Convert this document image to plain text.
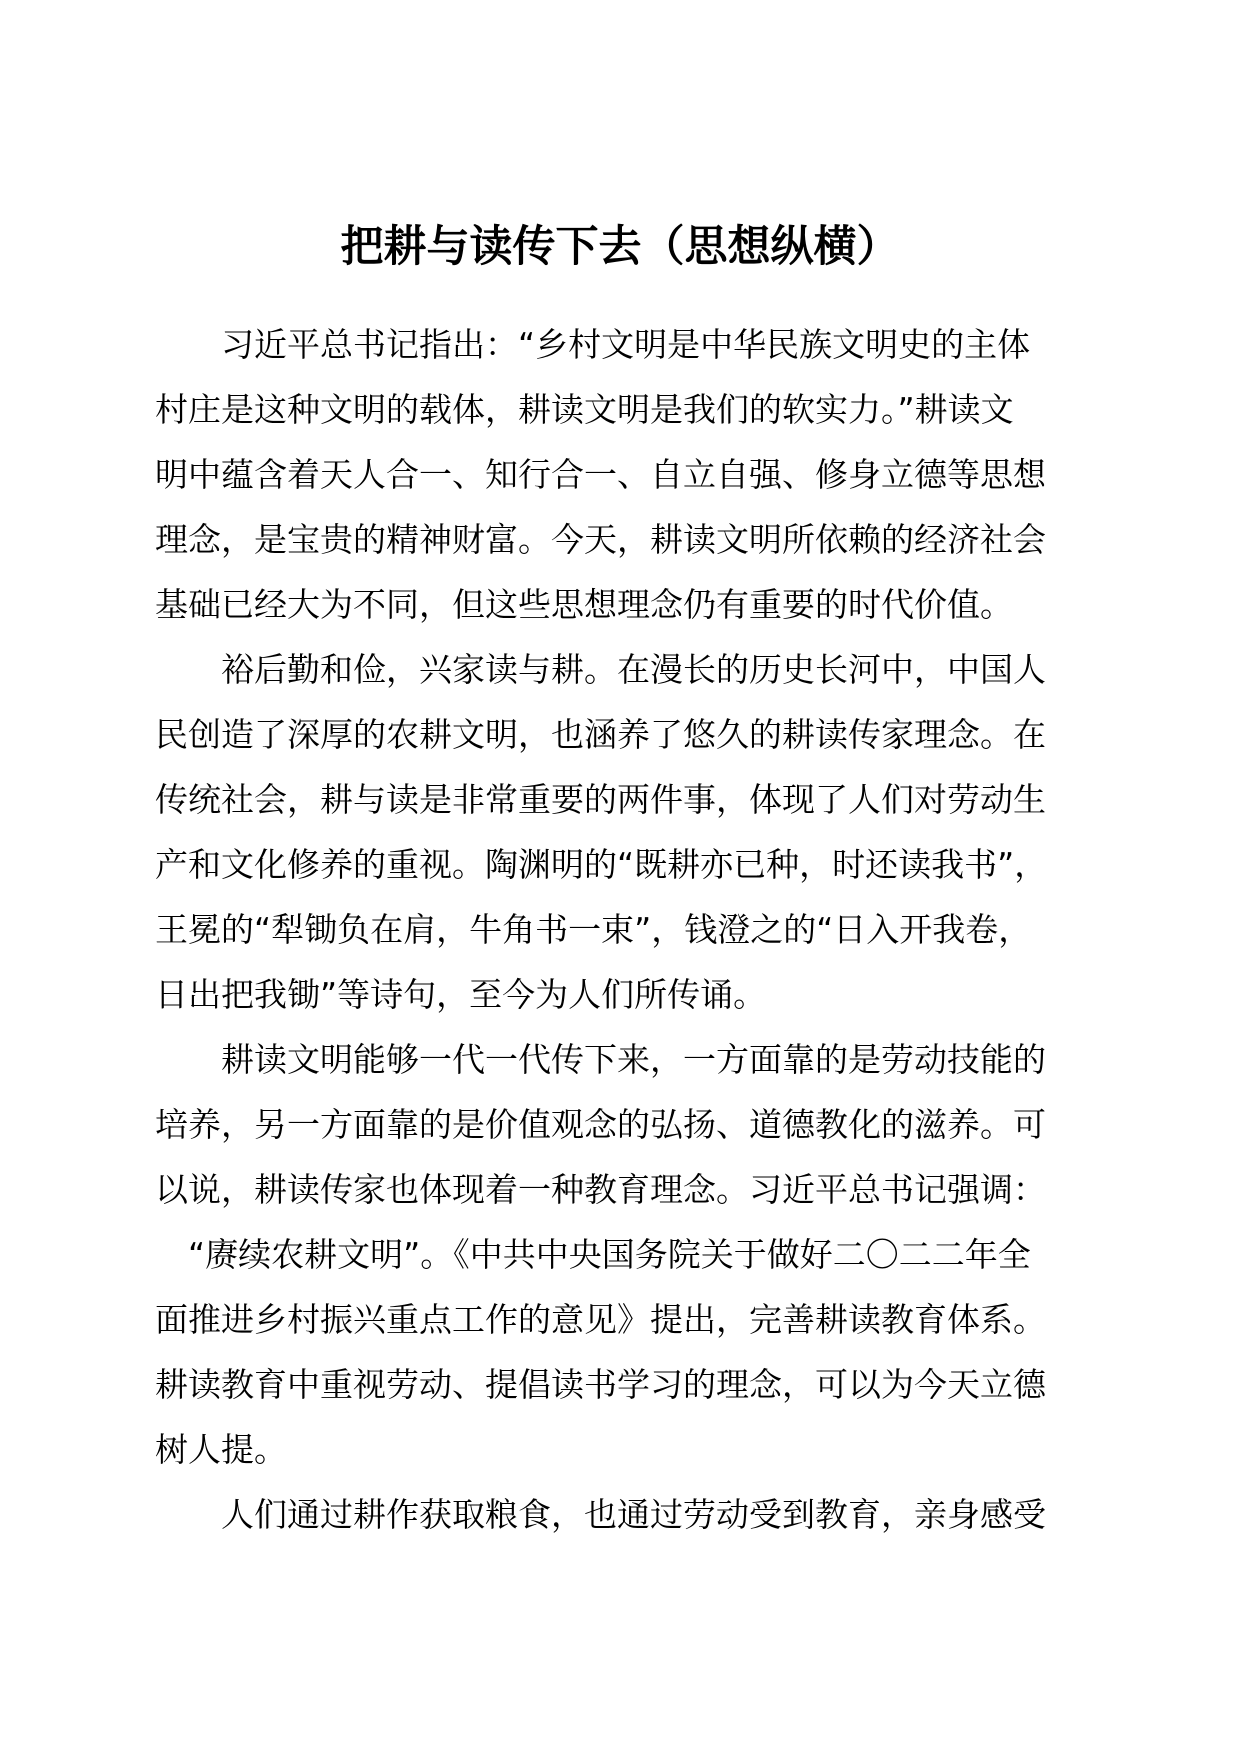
把耕与读传下去（思想纵横）

习近平总书记指出：“乡村文明是中华民族文明史的主体
村庄是这种文明的载体，耕读文明是我们的软实力。”耕读文
明中蕴含着天人合一、知行合一、自立自强、修身立德等思想
理念，是宝贵的精神财富。今天，耕读文明所依赖的经济社会
基础已经大为不同，但这些思想理念仍有重要的时代价值。

裕后勤和俭，兴家读与耕。在漫长的历史长河中，中国人
民创造了深厚的农耕文明，也涵养了悠久的耕读传家理念。在
传统社会，耕与读是非常重要的两件事，体现了人们对劳动生
产和文化修养的重视。陶渊明的“既耕亦已种，时还读我书”，
王冕的“犁锄负在肩，牛角书一束”，钱澄之的“日入开我卷，
日出把我锄”等诗句，至今为人们所传诵。

耕读文明能够一代一代传下来，一方面靠的是劳动技能的
培养，另一方面靠的是价值观念的弘扬、道德教化的滋养。可
以说，耕读传家也体现着一种教育理念。习近平总书记强调：
“赓续农耕文明”。《中共中央国务院关于做好二〇二二年全
面推进乡村振兴重点工作的意见》提出，完善耕读教育体系。
耕读教育中重视劳动、提倡读书学习的理念，可以为今天立德
树人提。

人们通过耕作获取粮食，也通过劳动受到教育，亲身感受
